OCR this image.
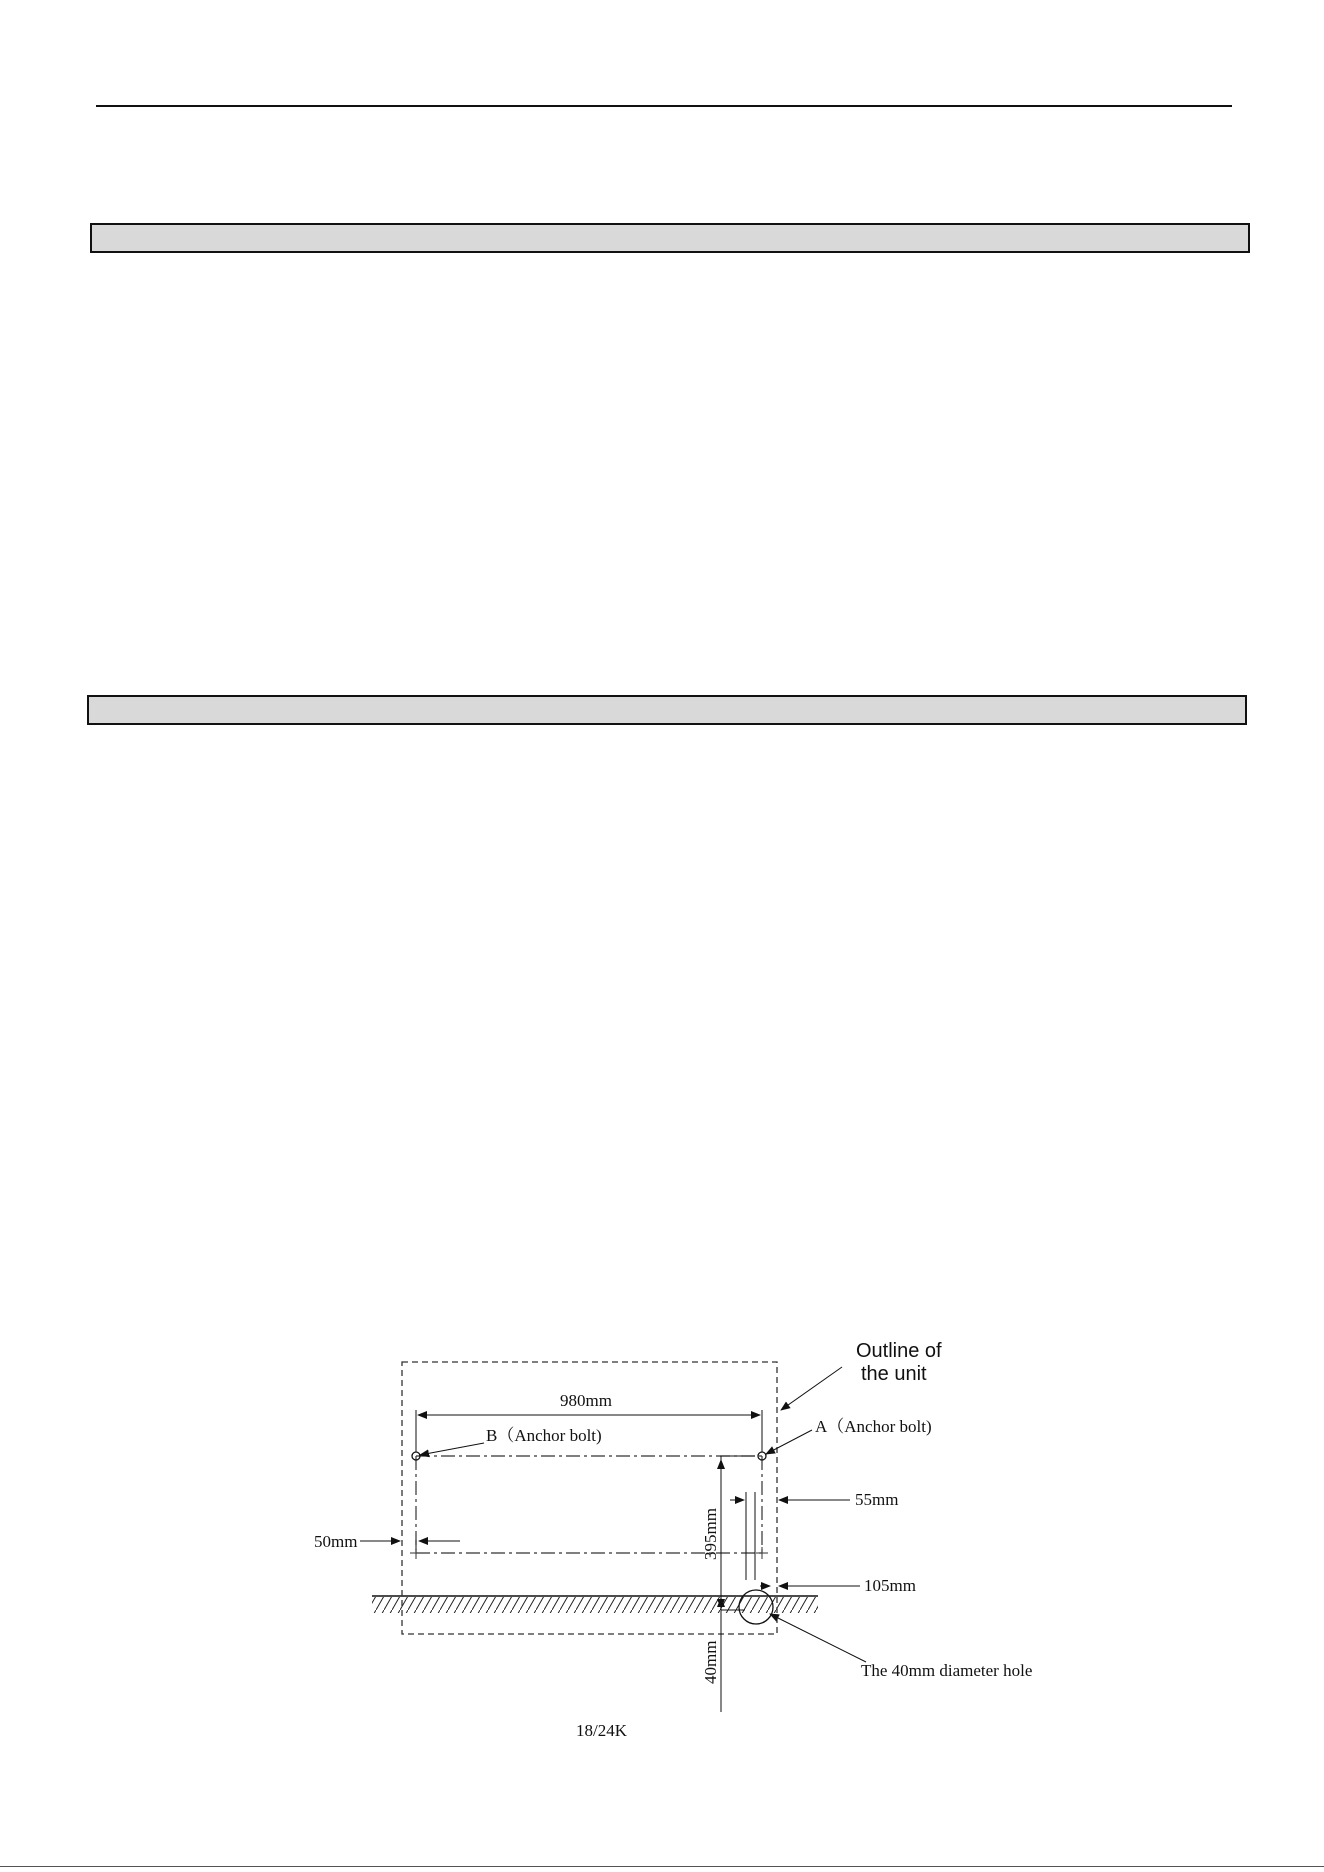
980mm
Outline of
the unit
B（Anchor bolt)	A（Anchor bolt)
395mm
40mm
55mm
105mm
50mm
The 40mm diameter hole
18/24K
